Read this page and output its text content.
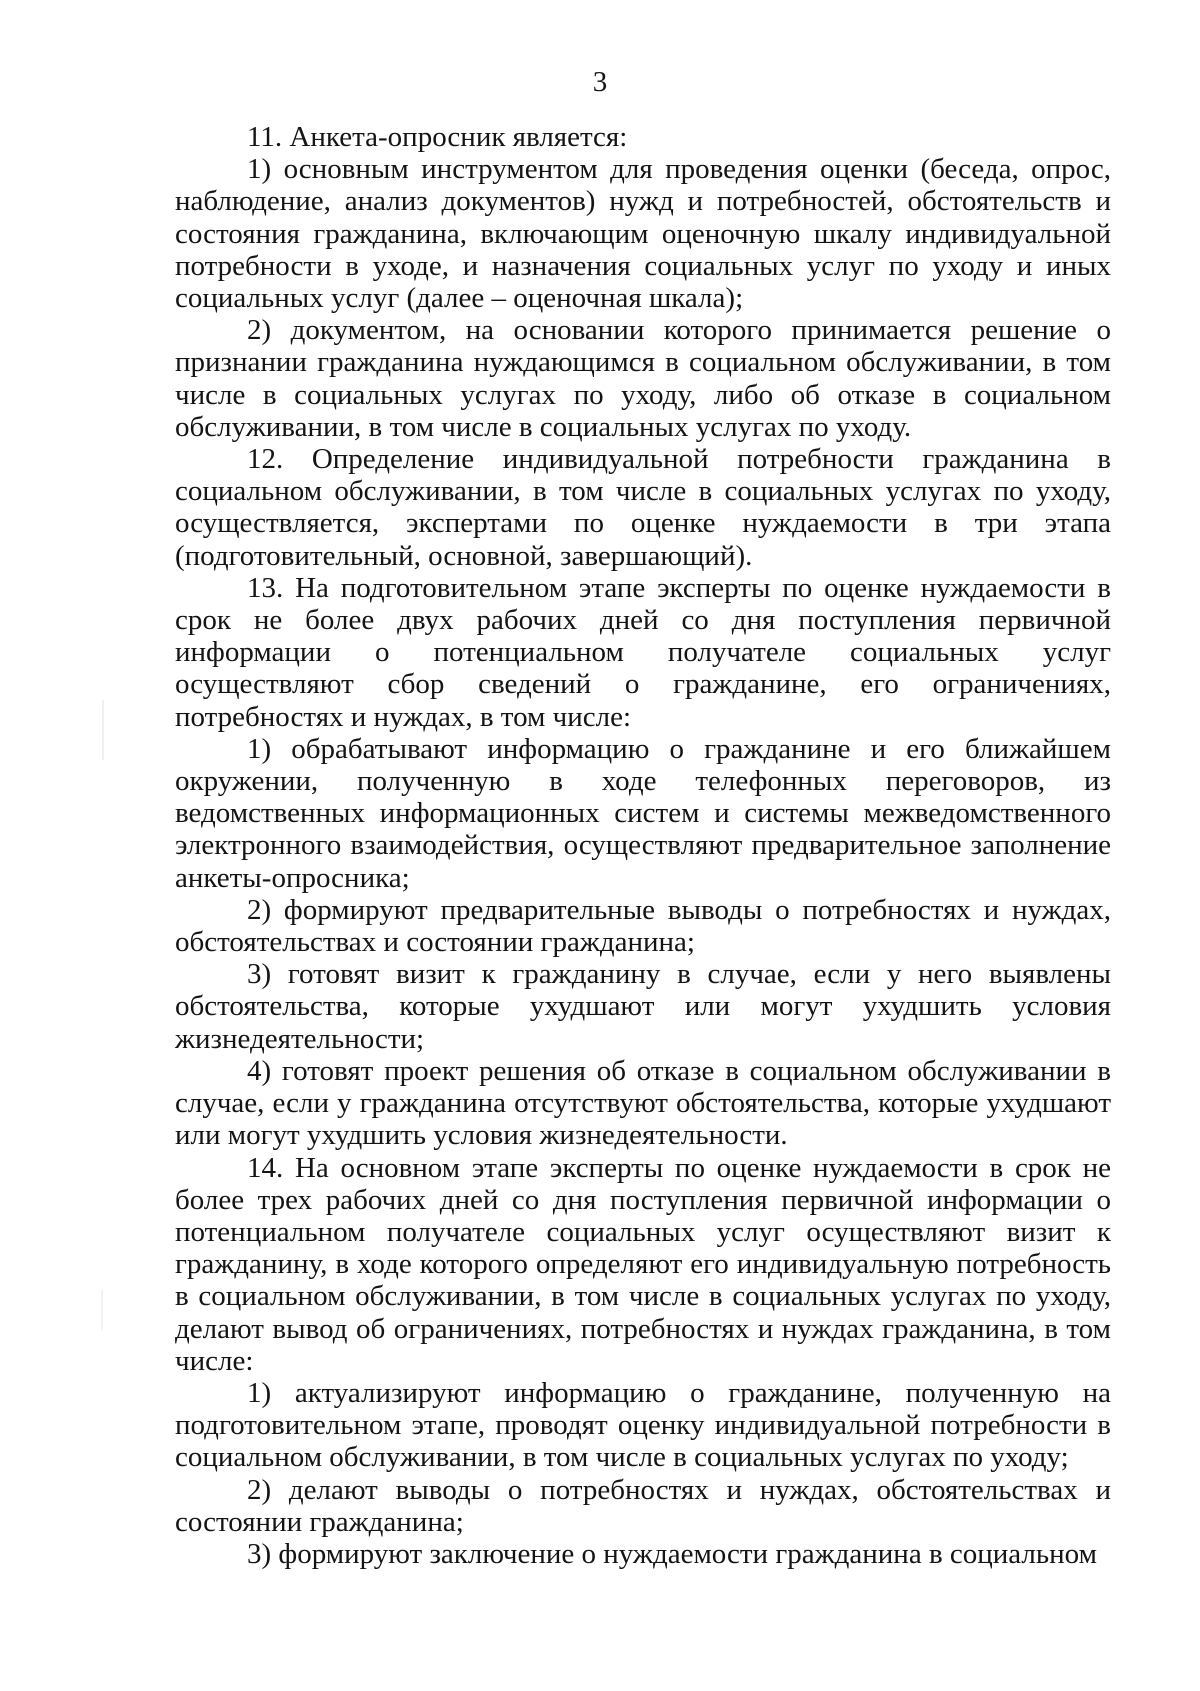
3

11. Анкета-опросник является:

1) основным инструментом для проведения оценки (беседа, опрос, наблюдение, анализ документов) нужд и потребностей, обстоятельств и состояния гражданина, включающим оценочную шкалу индивидуальной потребности в уходе, и назначения социальных услуг по уходу и иных социальных услуг (далее – оценочная шкала);

2) документом, на основании которого принимается решение о признании гражданина нуждающимся в социальном обслуживании, в том числе в социальных услугах по уходу, либо об отказе в социальном обслуживании, в том числе в социальных услугах по уходу.

12. Определение индивидуальной потребности гражданина в социальном обслуживании, в том числе в социальных услугах по уходу, осуществляется, экспертами по оценке нуждаемости в три этапа (подготовительный, основной, завершающий).

13. На подготовительном этапе эксперты по оценке нуждаемости в срок не более двух рабочих дней со дня поступления первичной информации о потенциальном получателе социальных услуг осуществляют сбор сведений о гражданине, его ограничениях, потребностях и нуждах, в том числе:

1) обрабатывают информацию о гражданине и его ближайшем окружении, полученную в ходе телефонных переговоров, из ведомственных информационных систем и системы межведомственного электронного взаимодействия, осуществляют предварительное заполнение анкеты-опросника;

2) формируют предварительные выводы о потребностях и нуждах, обстоятельствах и состоянии гражданина;

3) готовят визит к гражданину в случае, если у него выявлены обстоятельства, которые ухудшают или могут ухудшить условия жизнедеятельности;

4) готовят проект решения об отказе в социальном обслуживании в случае, если у гражданина отсутствуют обстоятельства, которые ухудшают или могут ухудшить условия жизнедеятельности.

14. На основном этапе эксперты по оценке нуждаемости в срок не более трех рабочих дней со дня поступления первичной информации о потенциальном получателе социальных услуг осуществляют визит к гражданину, в ходе которого определяют его индивидуальную потребность в социальном обслуживании, в том числе в социальных услугах по уходу, делают вывод об ограничениях, потребностях и нуждах гражданина, в том числе:

1) актуализируют информацию о гражданине, полученную на подготовительном этапе, проводят оценку индивидуальной потребности в социальном обслуживании, в том числе в социальных услугах по уходу;

2) делают выводы о потребностях и нуждах, обстоятельствах и состоянии гражданина;

3) формируют заключение о нуждаемости гражданина в социальном
